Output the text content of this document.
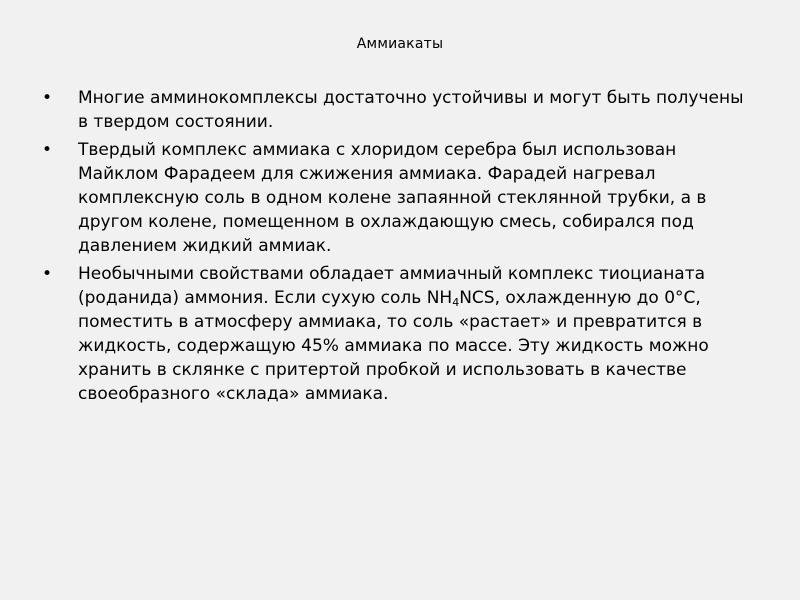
Аммиакаты
• Многие амминокомплексы достаточно устойчивы и могут быть получены в твердом состоянии.
• Твердый комплекс аммиака с хлоридом серебра был использован Майклом Фарадеем для сжижения аммиака. Фарадей нагревал комплексную соль в одном колене запаянной стеклянной трубки, а в другом колене, помещенном в охлаждающую смесь, собирался под давлением жидкий аммиак.
• Необычными свойствами обладает аммиачный комплекс тиоцианата (роданида) аммония. Если сухую соль $NH_4NCS$, охлажденную до 0°С, поместить в атмосферу аммиака, то соль «растает» и превратится в жидкость, содержащую 45% аммиака по массе. Эту жидкость можно хранить в склянке с притертой пробкой и использовать в качестве своеобразного «склада» аммиака.
